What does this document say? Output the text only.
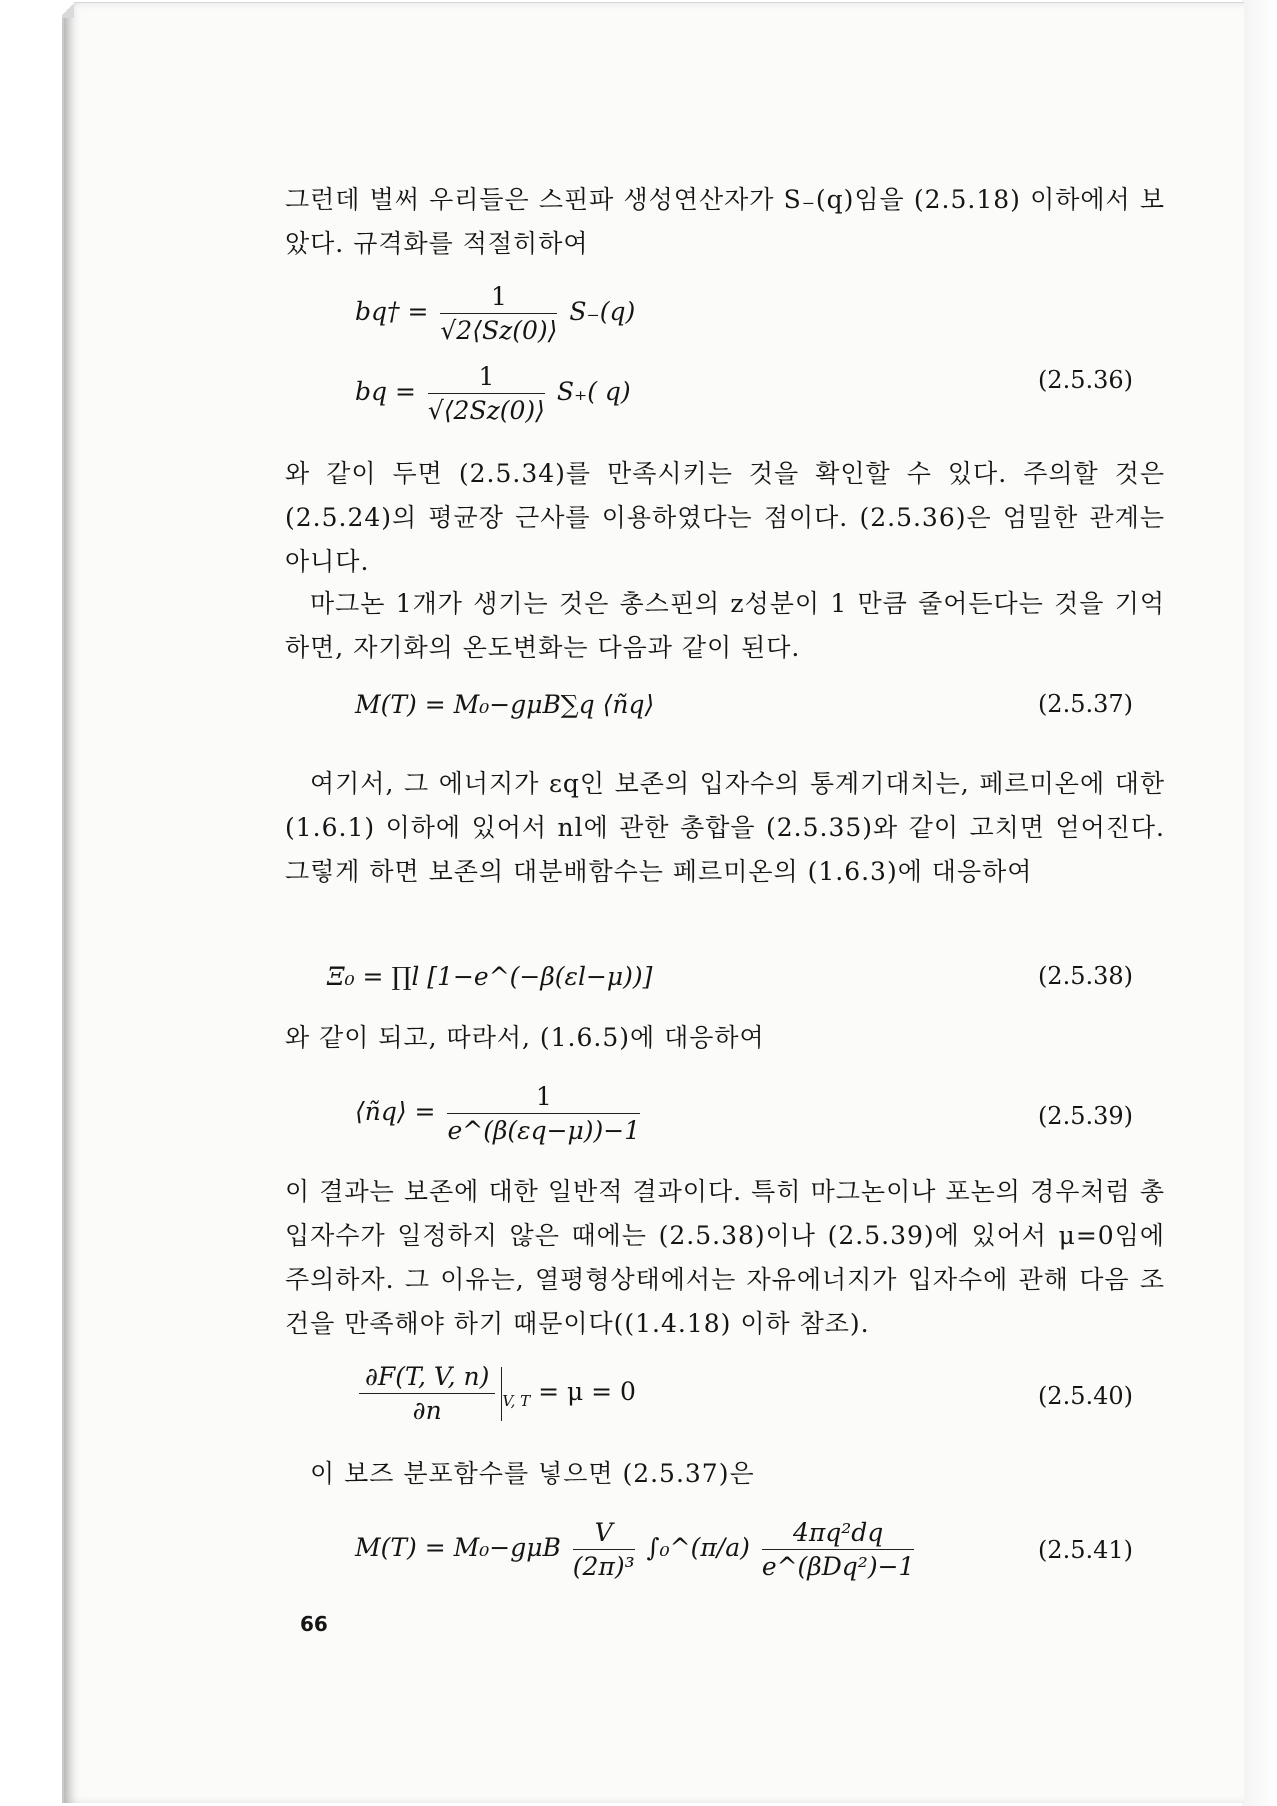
그런데 벌써 우리들은 스핀파 생성연산자가 S₋(q)임을 (2.5.18) 이하에서 보았다. 규격화를 적절히하여

bq† = $\frac{1}{√2⟨Sz(0)⟩} S_-(q)$
bq = $\frac{1}{√⟨2Sz(0)⟩} S_+$( q)	(2.5.36)

와 같이 두면 (2.5.34)를 만족시키는 것을 확인할 수 있다. 주의할 것은 (2.5.24)의 평균장 근사를 이용하였다는 점이다. (2.5.36)은 엄밀한 관계는 아니다.

마그논 1개가 생기는 것은 총스핀의 z성분이 1 만큼 줄어든다는 것을 기억하면, 자기화의 온도변화는 다음과 같이 된다.

M(T) = M₀−gμB∑q ⟨ñq⟩	(2.5.37)

여기서, 그 에너지가 εq인 보존의 입자수의 통계기대치는, 페르미온에 대한 (1.6.1) 이하에 있어서 nl에 관한 총합을 (2.5.35)와 같이 고치면 얻어진다. 그렇게 하면 보존의 대분배함수는 페르미온의 (1.6.3)에 대응하여

Ξ₀ = ∏l [1−e^(−β(εl−μ))]	(2.5.38)

와 같이 되고, 따라서, (1.6.5)에 대응하여

⟨ñq⟩ = $\frac{1}{e\^{}(\beta(\varepsilon q-\mu))-1}$	(2.5.39)

이 결과는 보존에 대한 일반적 결과이다. 특히 마그논이나 포논의 경우처럼 총 입자수가 일정하지 않은 때에는 (2.5.38)이나 (2.5.39)에 있어서 μ=0임에 주의하자. 그 이유는, 열평형상태에서는 자유에너지가 입자수에 관해 다음 조건을 만족해야 하기 때문이다((1.4.18) 이하 참조).

$\frac{\partial F(T, V, n)}{\partial n} _{V, T} = \mu = 0$	(2.5.40)

이 보즈 분포함수를 넣으면 (2.5.37)은

$M(T) = M_0-g\mu B \frac{V}{\text{(2π)³}}$ ∫₀^(π/a) $\frac{\text{4πq²dq}}{\text{e\textasciicircum{}(βDq²)−1}}$	(2.5.41)
66
